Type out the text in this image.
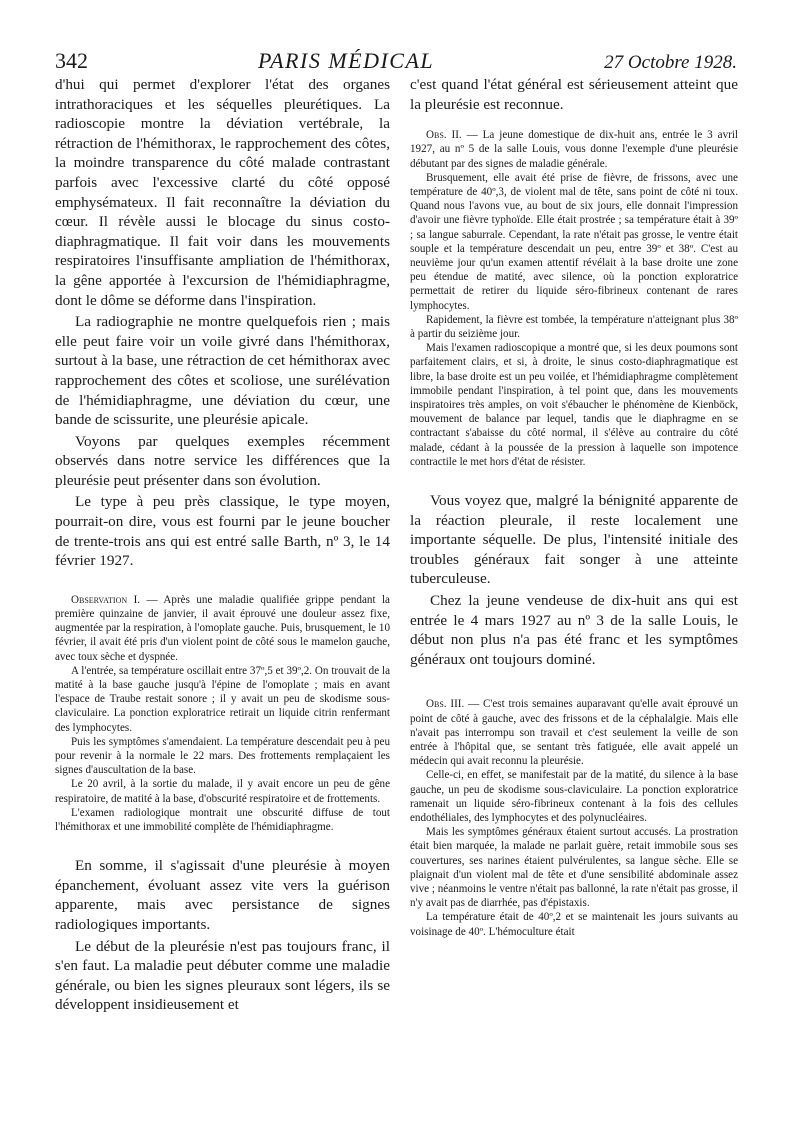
342	PARIS MÉDICAL	27 Octobre 1928.

d'hui qui permet d'explorer l'état des organes intrathoraciques et les séquelles pleurétiques. La radioscopie montre la déviation vertébrale, la rétraction de l'hémithorax, le rapprochement des côtes, la moindre transparence du côté malade contrastant parfois avec l'excessive clarté du côté opposé emphysémateux. Il fait reconnaître la déviation du cœur. Il révèle aussi le blocage du sinus costo-diaphragmatique. Il fait voir dans les mouvements respiratoires l'insuffisante ampliation de l'hémithorax, la gêne apportée à l'excursion de l'hémidiaphragme, dont le dôme se déforme dans l'inspiration.

La radiographie ne montre quelquefois rien ; mais elle peut faire voir un voile givré dans l'hémithorax, surtout à la base, une rétraction de cet hémithorax avec rapprochement des côtes et scoliose, une surélévation de l'hémidiaphragme, une déviation du cœur, une bande de scissurite, une pleurésie apicale.

Voyons par quelques exemples récemment observés dans notre service les différences que la pleurésie peut présenter dans son évolution.

Le type à peu près classique, le type moyen, pourrait-on dire, vous est fourni par le jeune boucher de trente-trois ans qui est entré salle Barth, nº 3, le 14 février 1927.

Observation I. — Après une maladie qualifiée grippe pendant la première quinzaine de janvier, il avait éprouvé une douleur assez fixe, augmentée par la respiration, à l'omoplate gauche. Puis, brusquement, le 10 février, il avait été pris d'un violent point de côté sous le mamelon gauche, avec toux sèche et dyspnée.

A l'entrée, sa température oscillait entre 37º,5 et 39º,2. On trouvait de la matité à la base gauche jusqu'à l'épine de l'omoplate ; mais en avant l'espace de Traube restait sonore ; il y avait un peu de skodisme sous-claviculaire. La ponction exploratrice retirait un liquide citrin renfermant des lymphocytes.

Puis les symptômes s'amendaient. La température descendait peu à peu pour revenir à la normale le 22 mars. Des frottements remplaçaient les signes d'auscultation de la base.

Le 20 avril, à la sortie du malade, il y avait encore un peu de gêne respiratoire, de matité à la base, d'obscurité respiratoire et de frottements.

L'examen radiologique montrait une obscurité diffuse de tout l'hémithorax et une immobilité complète de l'hémidiaphragme.

En somme, il s'agissait d'une pleurésie à moyen épanchement, évoluant assez vite vers la guérison apparente, mais avec persistance de signes radiologiques importants.

Le début de la pleurésie n'est pas toujours franc, il s'en faut. La maladie peut débuter comme une maladie générale, ou bien les signes pleuraux sont légers, ils se développent insidieusement et

c'est quand l'état général est sérieusement atteint que la pleurésie est reconnue.

Obs. II. — La jeune domestique de dix-huit ans, entrée le 3 avril 1927, au nº 5 de la salle Louis, vous donne l'exemple d'une pleurésie débutant par des signes de maladie générale.

Brusquement, elle avait été prise de fièvre, de frissons, avec une température de 40º,3, de violent mal de tête, sans point de côté ni toux. Quand nous l'avons vue, au bout de six jours, elle donnait l'impression d'avoir une fièvre typhoïde. Elle était prostrée ; sa température était à 39º ; sa langue saburrale. Cependant, la rate n'était pas grosse, le ventre était souple et la température descendait un peu, entre 39º et 38º. C'est au neuvième jour qu'un examen attentif révélait à la base droite une zone peu étendue de matité, avec silence, où la ponction exploratrice permettait de retirer du liquide séro-fibrineux contenant de rares lymphocytes.

Rapidement, la fièvre est tombée, la température n'atteignant plus 38º à partir du seizième jour.

Mais l'examen radioscopique a montré que, si les deux poumons sont parfaitement clairs, et si, à droite, le sinus costo-diaphragmatique est libre, la base droite est un peu voilée, et l'hémidiaphragme complètement immobile pendant l'inspiration, à tel point que, dans les mouvements inspiratoires très amples, on voit s'ébaucher le phénomène de Kienböck, mouvement de balance par lequel, tandis que le diaphragme en se contractant s'abaisse du côté normal, il s'élève au contraire du côté malade, cédant à la poussée de la pression à laquelle son impotence contractile le met hors d'état de résister.

Vous voyez que, malgré la bénignité apparente de la réaction pleurale, il reste localement une importante séquelle. De plus, l'intensité initiale des troubles généraux fait songer à une atteinte tuberculeuse.

Chez la jeune vendeuse de dix-huit ans qui est entrée le 4 mars 1927 au nº 3 de la salle Louis, le début non plus n'a pas été franc et les symptômes généraux ont toujours dominé.

Obs. III. — C'est trois semaines auparavant qu'elle avait éprouvé un point de côté à gauche, avec des frissons et de la céphalalgie. Mais elle n'avait pas interrompu son travail et c'est seulement la veille de son entrée à l'hôpital que, se sentant très fatiguée, elle avait appelé un médecin qui avait reconnu la pleurésie.

Celle-ci, en effet, se manifestait par de la matité, du silence à la base gauche, un peu de skodisme sous-claviculaire. La ponction exploratrice ramenait un liquide séro-fibrineux contenant à la fois des cellules endothéliales, des lymphocytes et des polynucléaires.

Mais les symptômes généraux étaient surtout accusés. La prostration était bien marquée, la malade ne parlait guère, retait immobile sous ses couvertures, ses narines étaient pulvérulentes, sa langue sèche. Elle se plaignait d'un violent mal de tête et d'une sensibilité abdominale assez vive ; néanmoins le ventre n'était pas ballonné, la rate n'était pas grosse, il n'y avait pas de diarrhée, pas d'épistaxis.

La température était de 40º,2 et se maintenait les jours suivants au voisinage de 40º. L'hémoculture était
